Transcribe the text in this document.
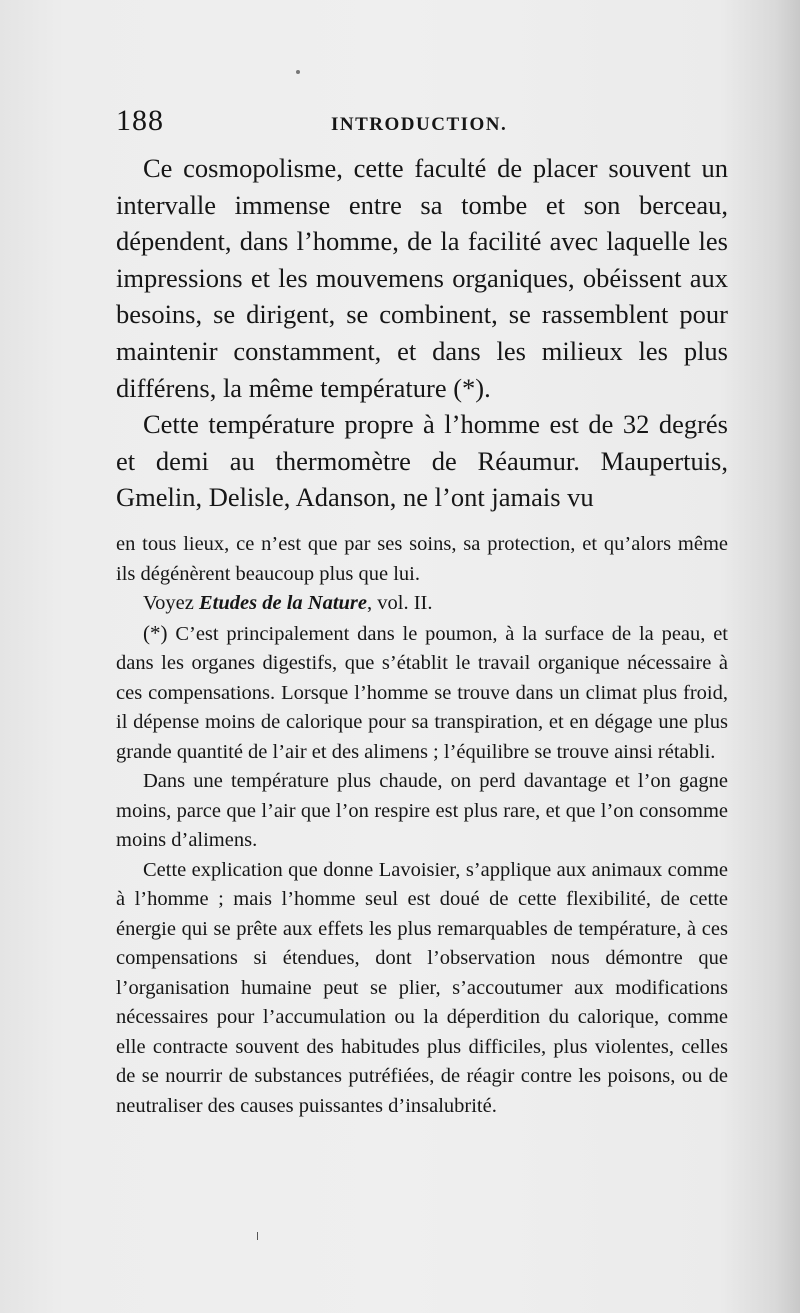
188	INTRODUCTION.

Ce cosmopolisme, cette faculté de placer souvent un intervalle immense entre sa tombe et son berceau, dépendent, dans l’homme, de la facilité avec laquelle les impressions et les mouvemens organiques, obéissent aux besoins, se dirigent, se combinent, se rassemblent pour maintenir constamment, et dans les milieux les plus différens, la même température (*).

Cette température propre à l’homme est de 32 degrés et demi au thermomètre de Réaumur. Maupertuis, Gmelin, Delisle, Adanson, ne l’ont jamais vu

en tous lieux, ce n’est que par ses soins, sa protection, et qu’alors même ils dégénèrent beaucoup plus que lui.

Voyez Etudes de la Nature, vol. II.

(*) C’est principalement dans le poumon, à la surface de la peau, et dans les organes digestifs, que s’établit le travail organique nécessaire à ces compensations. Lorsque l’homme se trouve dans un climat plus froid, il dépense moins de calorique pour sa transpiration, et en dégage une plus grande quantité de l’air et des alimens ; l’équilibre se trouve ainsi rétabli.

Dans une température plus chaude, on perd davantage et l’on gagne moins, parce que l’air que l’on respire est plus rare, et que l’on consomme moins d’alimens.

Cette explication que donne Lavoisier, s’applique aux animaux comme à l’homme ; mais l’homme seul est doué de cette flexibilité, de cette énergie qui se prête aux effets les plus remarquables de température, à ces compensations si étendues, dont l’observation nous démontre que l’organisation humaine peut se plier, s’accoutumer aux modifications nécessaires pour l’accumulation ou la déperdition du calorique, comme elle contracte souvent des habitudes plus difficiles, plus violentes, celles de se nourrir de substances putréfiées, de réagir contre les poisons, ou de neutraliser des causes puissantes d’insalubrité.
